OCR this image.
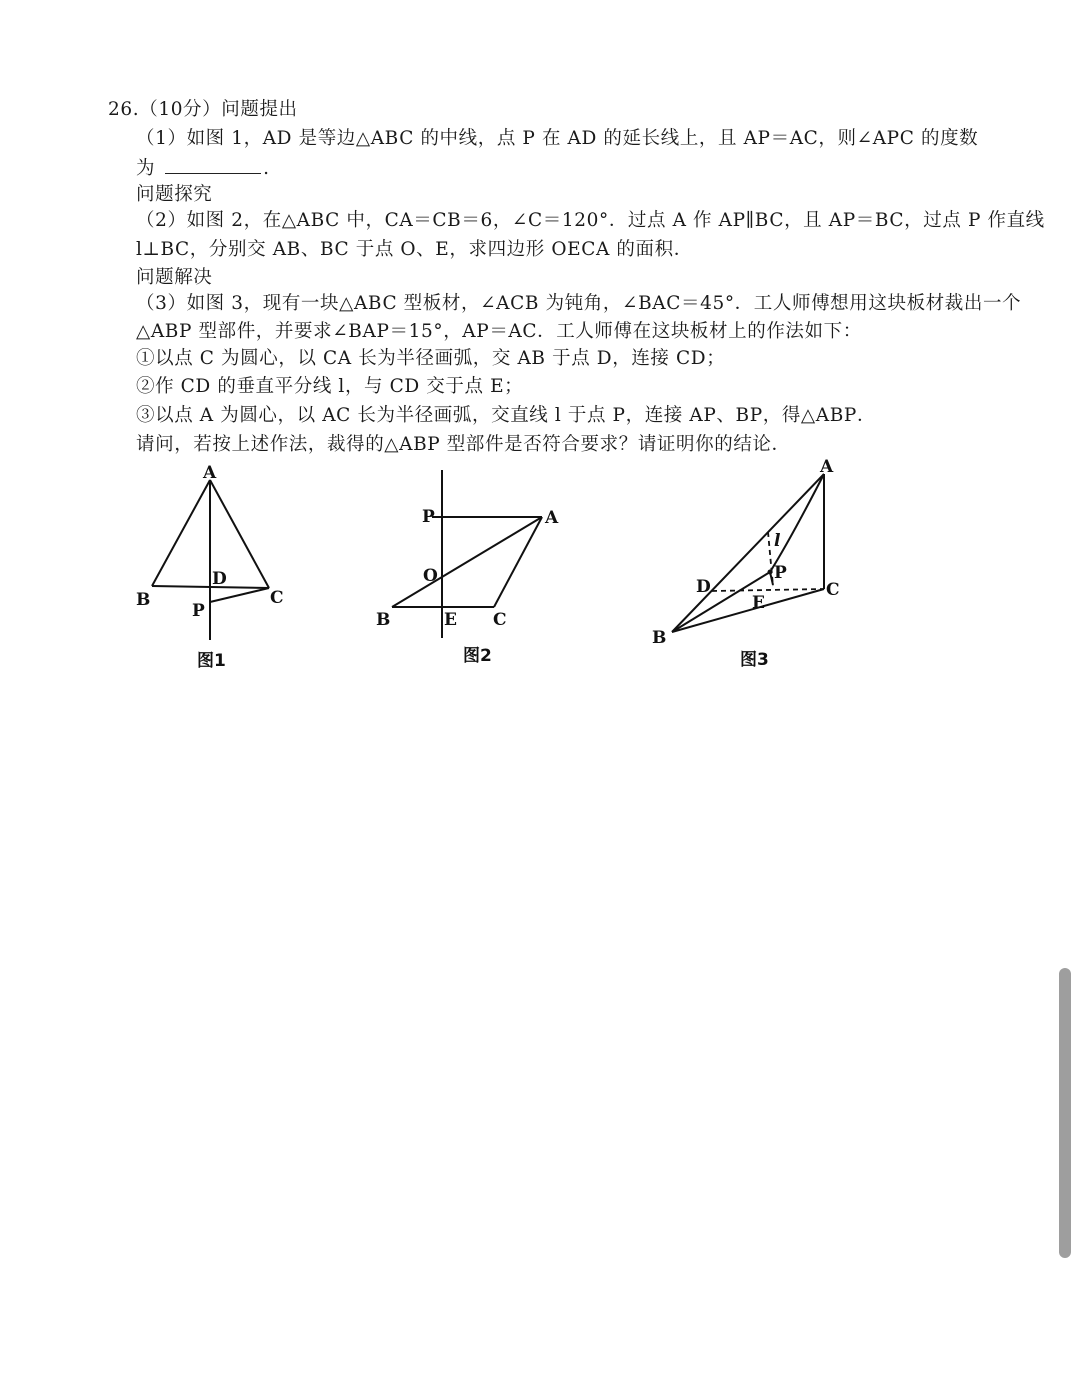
26.（10分）问题提出
（1）如图 1，AD 是等边△ABC 的中线，点 P 在 AD 的延长线上，且 AP＝AC，则∠APC 的度数
为	.
问题探究
（2）如图 2，在△ABC 中，CA＝CB＝6，∠C＝120°．过点 A 作 AP∥BC，且 AP＝BC，过点 P 作直线
l⊥BC，分别交 AB、BC 于点 O、E，求四边形 OECA 的面积．
问题解决
（3）如图 3，现有一块△ABC 型板材，∠ACB 为钝角，∠BAC＝45°．工人师傅想用这块板材裁出一个
△ABP 型部件，并要求∠BAP＝15°，AP＝AC．工人师傅在这块板材上的作法如下：
①以点 C 为圆心，以 CA 长为半径画弧，交 AB 于点 D，连接 CD；
②作 CD 的垂直平分线 l，与 CD 交于点 E；
③以点 A 为圆心，以 AC 长为半径画弧，交直线 l 于点 P，连接 AP、BP，得△ABP．
请问，若按上述作法，裁得的△ABP 型部件是否符合要求？请证明你的结论．
A
B	C
D
P
图1
P	A
O
B	E C
图2
A
l
P
D
E
C
B
图3
